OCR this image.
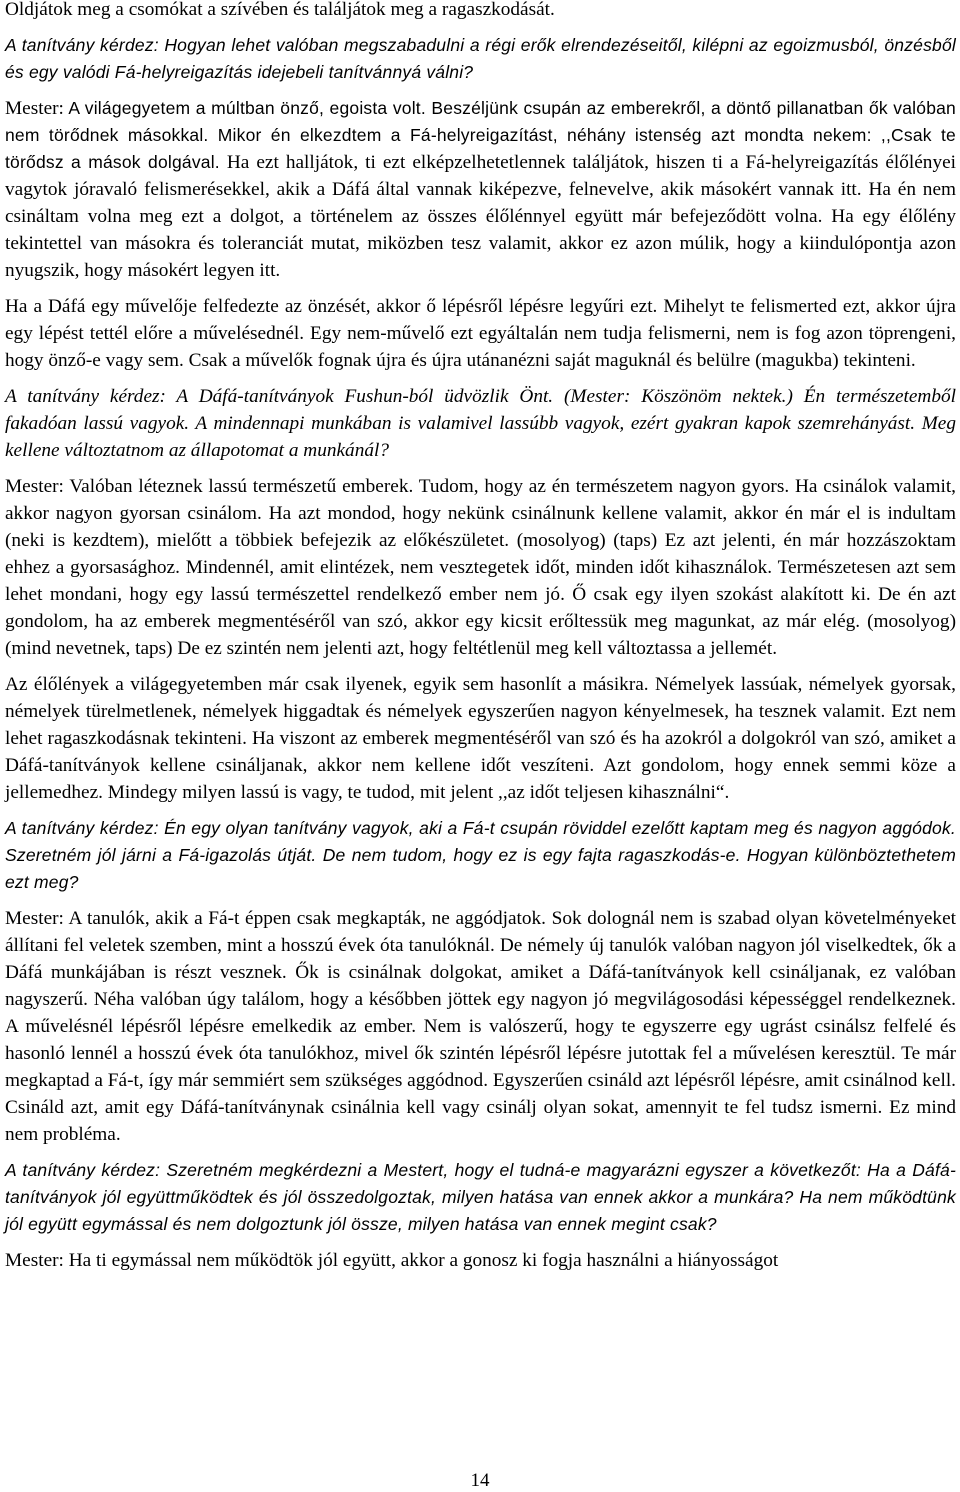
Oldjátok meg a csomókat a szívében és találjátok meg a ragaszkodását.

A tanítvány kérdez: Hogyan lehet valóban megszabadulni a régi erők elrendezéseitől, kilépni az egoizmusból, önzésből és egy valódi Fá-helyreigazítás idejebeli tanítvánnyá válni?

Mester: A világegyetem a múltban önző, egoista volt. Beszéljünk csupán az emberekről, a döntő pillanatban ők valóban nem törődnek másokkal. Mikor én elkezdtem a Fá-helyreigazítást, néhány istenség azt mondta nekem: ,,Csak te törődsz a mások dolgával. Ha ezt halljátok, ti ezt elképzelhetetlennek találjátok, hiszen ti a Fá-helyreigazítás élőlényei vagytok jóravaló felismerésekkel, akik a Dáfá által vannak kiképezve, felnevelve, akik másokért vannak itt. Ha én nem csináltam volna meg ezt a dolgot, a történelem az összes élőlénnyel együtt már befejeződött volna. Ha egy élőlény tekintettel van másokra és toleranciát mutat, miközben tesz valamit, akkor ez azon múlik, hogy a kiindulópontja azon nyugszik, hogy másokért legyen itt.

Ha a Dáfá egy művelője felfedezte az önzését, akkor ő lépésről lépésre legyűri ezt. Mihelyt te felismerted ezt, akkor újra egy lépést tettél előre a művelésednél. Egy nem-művelő ezt egyáltalán nem tudja felismerni, nem is fog azon töprengeni, hogy önző-e vagy sem. Csak a művelők fognak újra és újra utánanézni saját maguknál és belülre (magukba) tekinteni.

A tanítvány kérdez: A Dáfá-tanítványok Fushun-ból üdvözlik Önt. (Mester: Köszönöm nektek.) Én természetemből fakadóan lassú vagyok. A mindennapi munkában is valamivel lassúbb vagyok, ezért gyakran kapok szemrehányást. Meg kellene változtatnom az állapotomat a munkánál?

Mester: Valóban léteznek lassú természetű emberek. Tudom, hogy az én természetem nagyon gyors. Ha csinálok valamit, akkor nagyon gyorsan csinálom. Ha azt mondod, hogy nekünk csinálnunk kellene valamit, akkor én már el is indultam (neki is kezdtem), mielőtt a többiek befejezik az előkészületet. (mosolyog) (taps) Ez azt jelenti, én már hozzászoktam ehhez a gyorsasághoz. Mindennél, amit elintézek, nem vesztegetek időt, minden időt kihasználok. Természetesen azt sem lehet mondani, hogy egy lassú természettel rendelkező ember nem jó. Ő csak egy ilyen szokást alakított ki. De én azt gondolom, ha az emberek megmentéséről van szó, akkor egy kicsit erőltessük meg magunkat, az már elég. (mosolyog) (mind nevetnek, taps) De ez szintén nem jelenti azt, hogy feltétlenül meg kell változtassa a jellemét.

Az élőlények a világegyetemben már csak ilyenek, egyik sem hasonlít a másikra. Némelyek lassúak, némelyek gyorsak, némelyek türelmetlenek, némelyek higgadtak és némelyek egyszerűen nagyon kényelmesek, ha tesznek valamit. Ezt nem lehet ragaszkodásnak tekinteni. Ha viszont az emberek megmentéséről van szó és ha azokról a dolgokról van szó, amiket a Dáfá-tanítványok kellene csináljanak, akkor nem kellene időt veszíteni. Azt gondolom, hogy ennek semmi köze a jellemedhez. Mindegy milyen lassú is vagy, te tudod, mit jelent ,,az időt teljesen kihasználni“.

A tanítvány kérdez: Én egy olyan tanítvány vagyok, aki a Fá-t csupán röviddel ezelőtt kaptam meg és nagyon aggódok. Szeretném jól járni a Fá-igazolás útját. De nem tudom, hogy ez is egy fajta ragaszkodás-e. Hogyan különböztethetem ezt meg?

Mester: A tanulók, akik a Fá-t éppen csak megkapták, ne aggódjatok. Sok dolognál nem is szabad olyan követelményeket állítani fel veletek szemben, mint a hosszú évek óta tanulóknál. De némely új tanulók valóban nagyon jól viselkedtek, ők a Dáfá munkájában is részt vesznek. Ők is csinálnak dolgokat, amiket a Dáfá-tanítványok kell csináljanak, ez valóban nagyszerű. Néha valóban úgy találom, hogy a későbben jöttek egy nagyon jó megvilágosodási képességgel rendelkeznek. A művelésnél lépésről lépésre emelkedik az ember. Nem is valószerű, hogy te egyszerre egy ugrást csinálsz felfelé és hasonló lennél a hosszú évek óta tanulókhoz, mivel ők szintén lépésről lépésre jutottak fel a művelésen keresztül. Te már megkaptad a Fá-t, így már semmiért sem szükséges aggódnod. Egyszerűen csináld azt lépésről lépésre, amit csinálnod kell. Csináld azt, amit egy Dáfá-tanítványnak csinálnia kell vagy csinálj olyan sokat, amennyit te fel tudsz ismerni. Ez mind nem probléma.

A tanítvány kérdez: Szeretném megkérdezni a Mestert, hogy el tudná-e magyarázni egyszer a következőt: Ha a Dáfá-tanítványok jól együttműködtek és jól összedolgoztak, milyen hatása van ennek akkor a munkára? Ha nem működtünk jól együtt egymással és nem dolgoztunk jól össze, milyen hatása van ennek megint csak?

Mester: Ha ti egymással nem működtök jól együtt, akkor a gonosz ki fogja használni a hiányosságot

14
